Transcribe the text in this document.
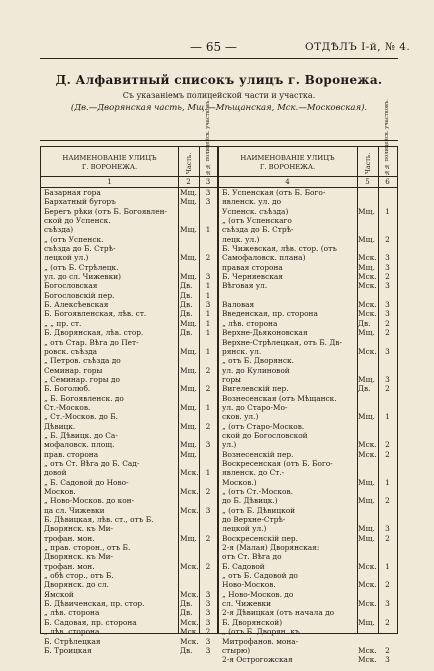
— 65 —	ОТДѢЛЪ I-й, № 4.
Д. Алфавитный списокъ улицъ г. Воронежа.
Съ указаніемъ полицейской части и участка.
(Дв.—Дворянская часть, Мщ.—Мѣщанская, Мск.—Московская).
НАИМЕНОВАНІЕ УЛИЦЪ
Г. ВОРОНЕЖА.	Часть.	№№ полицейск. участковъ.	НАИМЕНОВАНІЕ УЛИЦЪ
Г. ВОРОНЕЖА.	Часть.	№№ полицейск. участковъ.
1	2	3	4	5	6
Базарная гора	Мщ.	3
Бархатный бугоръ	Мщ.	3
Берегъ рѣки (отъ Б. Богоявлен-
ской до Успенск.
съѣзда)	Мщ.	1
„ (отъ Успенск.
съѣзда до Б. Стрѣ-
лецкой ул.)	Мщ.	2
„ (отъ Б. Стрѣлецк.
ул. до сл. Чижевки)	Мщ.	3
Богословская	Дв.	1
Богословскій пер.	Дв.	1
Б. Алексѣевская	Дв.	3
Б. Богоявленская, лѣв. ст.	Дв.	1
„ „ пр. ст.	Мщ.	1
Б. Дворянская, лѣв. стор.	Дв.	1
„ отъ Стар. Вѣга до Пет-
ровск. съѣзда	Мщ.	1
„ Петров. съѣзда до
Семинар. горы	Мщ.	2
„ Семинар. горы до
Б. Боголюб.	Мщ.	2
„ Б. Богоявленск. до
Ст.-Москов.	Мщ.	1
„ Ст.-Москов. до Б.
Дѣвицк.	Мщ.	2
„ Б. Дѣвицк. до Са-
мофаловск. площ.	Мщ.	3
прав. сторона	Мщ.
„ отъ Ст. Вѣга до Б. Сад-
довой	Мск. 1
„ Б. Садовой до Ново-
Москов.	Мск. 2
„ Ново-Москов. до кон-
ца сл. Чижевки	Мск. 3
Б. Дѣвицкая, лѣв. ст., отъ Б.
Дворянск. къ Ми-
трофан. мон.	Мщ.	2
„ прав. сторон., отъ Б.
Дворянск. къ Ми-
трофан. мон.	Мск. 2
„ обѣ стор., отъ Б.
Дворянск. до сл.
Ямской	Мск. 3
Б. Дѣвиченская, пр. стор.	Дв.	3
„ лѣв. сторона	Дв.	3
Б. Садовая, пр. сторона	Мск. 3
„ лѣв. сторона	Мск. 2
Б. Стрѣлецкая	Мск. 3
Б. Троицкая	Дв.	3
Б. Успенская (отъ Б. Бого-
явленск. ул. до
Успенск. съѣзда)	Мщ.	1
„ (отъ Успенскаго
съѣзда до Б. Стрѣ-
лецк. ул.)	Мщ.	2
Б. Чижевская, лѣв. стор. (отъ
Самофаловск. плана)	Мск.	3
правая сторона	Мщ.	3
Б. Черняевская	Мск.	2
Вѣговая ул.	Мск.	3
Валовая	Мск.	3
Введенская, пр. сторона	Мск.	3
„ лѣв. сторона	Дв.	2
Верхне-Дьяконовская	Мщ.	2
Верхне-Стрѣлецкая, отъ Б. Дв-
рянск. ул.	Мск.	3
„ отъ Б. Дворянск.
ул. до Кулиновой
горы	Мщ.	3
Вигелевскій пер.	Дв.	2
Вознесенская (отъ Мѣщанск.
ул. до Старо-Мо-
сков. ул.)	Мщ.	1
„ (отъ Старо-Москов.
ской до Богословской
ул.)	Мск.	2
Вознесенскій пер.	Мск.	2
Воскресенская (отъ Б. Бого-
явленск. до Ст.-
Москов.)	Мщ.	1
„ (отъ Ст.-Москов.
до Б. Дѣвицк.)	Мщ.	2
„ (отъ Б. Дѣвицкой
до Верхне-Стрѣ-
лецкой ул.)	Мщ.	3
Воскресенскій пер.	Мщ.	2
2-я (Малая) Дворянская:
отъ Ст. Вѣга до
Б. Садовой	Мск.	1
„ отъ Б. Садовой до
Ново-Москов.	Мск.	2
„ Ново-Москов. до
сл. Чижевки	Мск.	3
2-я Дѣвицкая (отъ начала до
Б. Дворянской)	Мщ.	2
„ (отъ Б. Дворян. къ
Митрофанов. мона-
стырю)	Мск.	2
2-я Острогожская	Мск.	3
